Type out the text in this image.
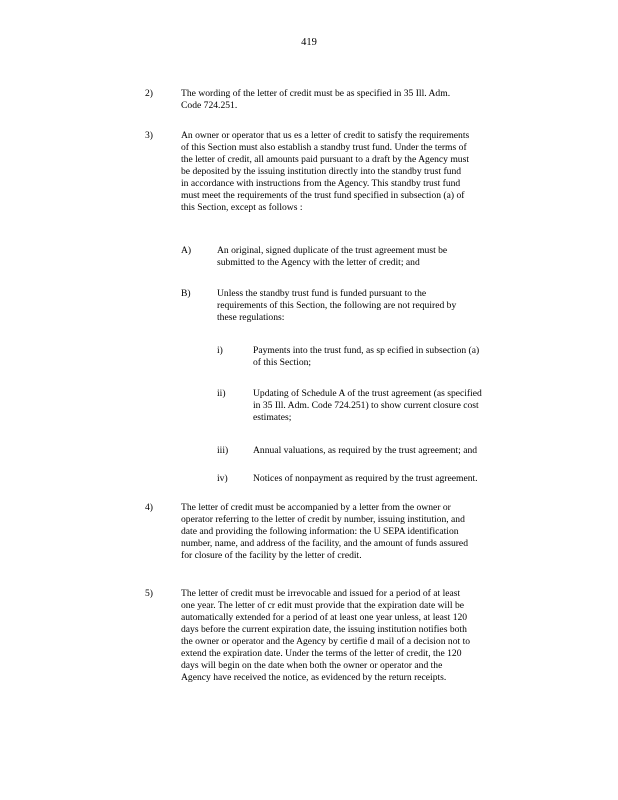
419
2)	The wording of the letter of credit must be as specified in 35 Ill. Adm.
Code 724.251.
3)	An owner or operator that us es a letter of credit to satisfy the requirements
of this Section must also establish a standby trust fund. Under the terms of
the letter of credit, all amounts paid pursuant to a draft by the Agency must
be deposited by the issuing institution directly into the standby trust fund
in accordance with instructions from the Agency. This standby trust fund
must meet the requirements of the trust fund specified in subsection (a) of
this Section, except as follows :
A)	An original, signed duplicate of the trust agreement must be
submitted to the Agency with the letter of credit; and
B)	Unless the standby trust fund is funded pursuant to the
requirements of this Section, the following are not required by
these regulations:
i)	Payments into the trust fund, as sp ecified in subsection (a)
of this Section;
ii)	Updating of Schedule A of the trust agreement (as specified
in 35 Ill. Adm. Code 724.251) to show current closure cost
estimates;
iii)	Annual valuations, as required by the trust agreement; and
iv)	Notices of nonpayment as required by the trust agreement.
4)	The letter of credit must be accompanied by a letter from the owner or
operator referring to the letter of credit by number, issuing institution, and
date and providing the following information: the U SEPA identification
number, name, and address of the facility, and the amount of funds assured
for closure of the facility by the letter of credit.
5)	The letter of credit must be irrevocable and issued for a period of at least
one year. The letter of cr edit must provide that the expiration date will be
automatically extended for a period of at least one year unless, at least 120
days before the current expiration date, the issuing institution notifies both
the owner or operator and the Agency by certifie d mail of a decision not to
extend the expiration date. Under the terms of the letter of credit, the 120
days will begin on the date when both the owner or operator and the
Agency have received the notice, as evidenced by the return receipts.
